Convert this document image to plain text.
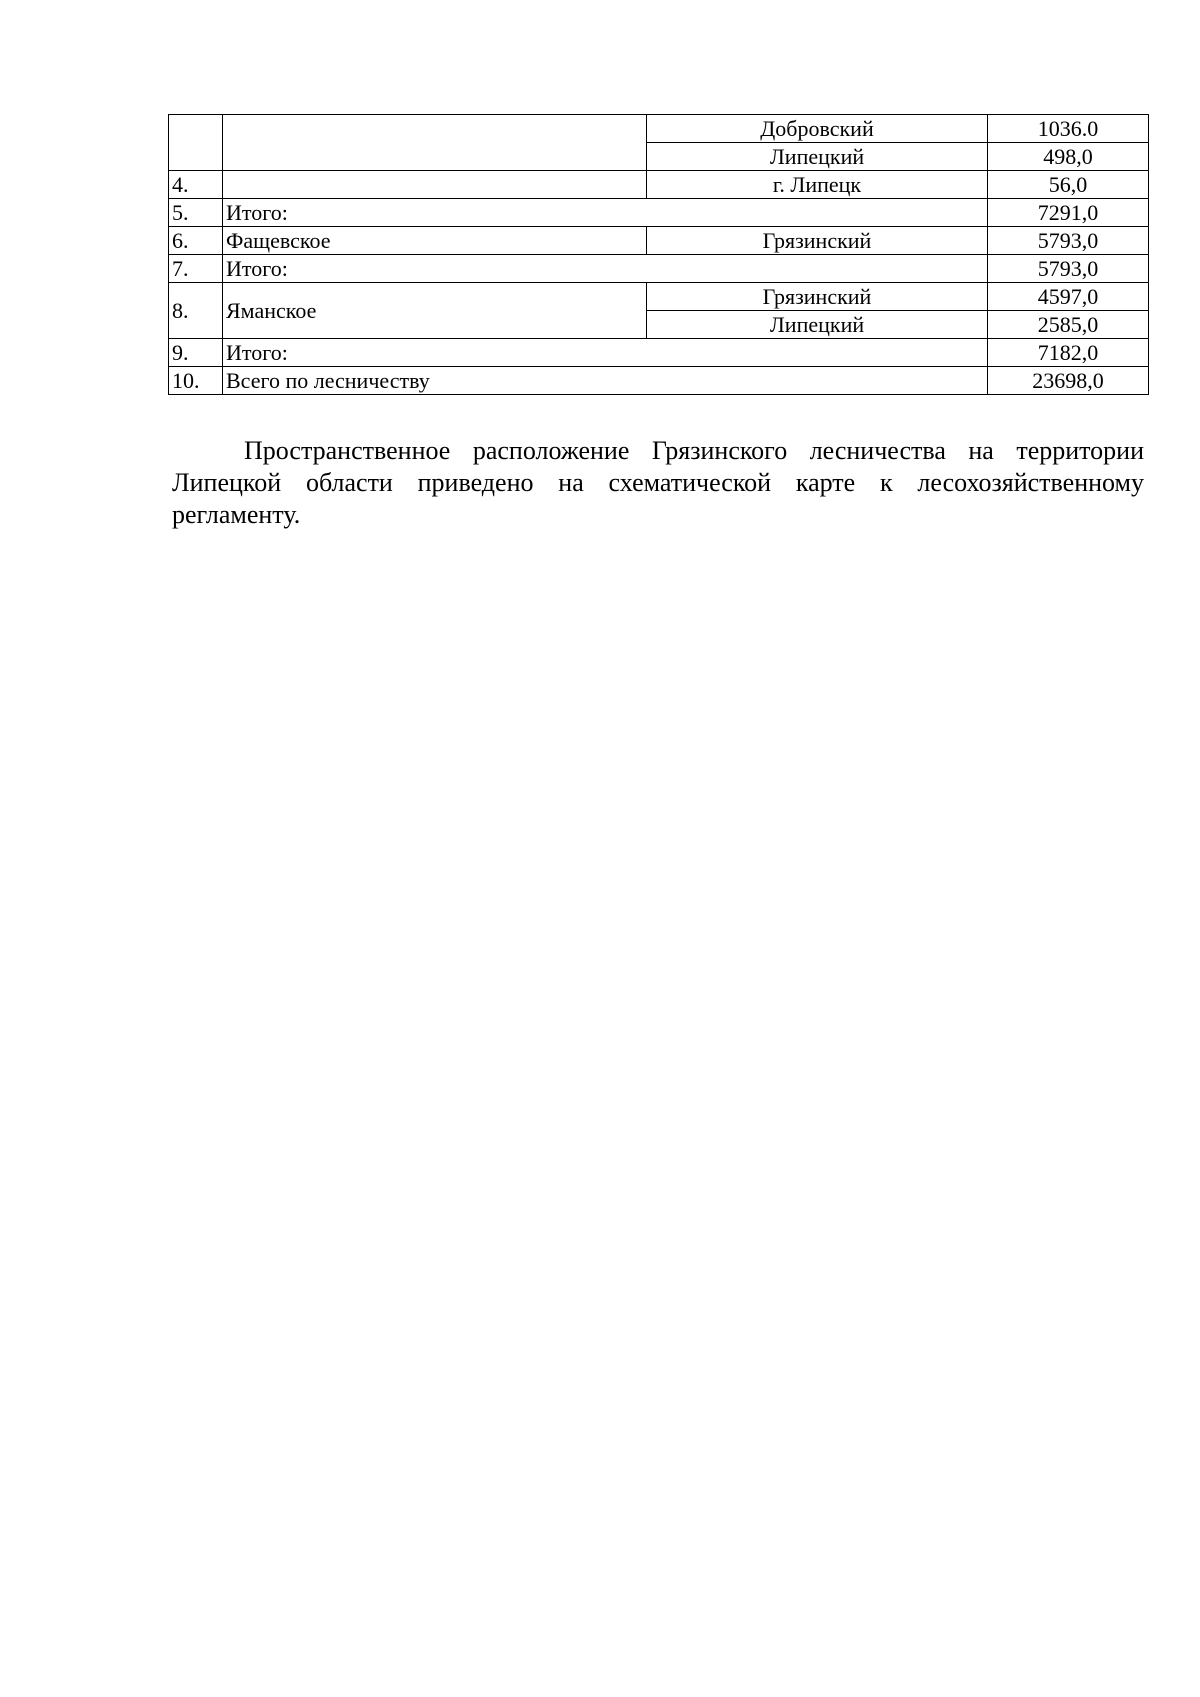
		Добровский	1036.0
		Липецкий	498,0
4.		г. Липецк	56,0
5.	Итого:		7291,0
6.	Фащевское	Грязинский	5793,0
7.	Итого:		5793,0
8.	Яманское	Грязинский	4597,0
		Липецкий	2585,0
9.	Итого:		7182,0
10.	Всего по лесничеству		23698,0

Пространственное расположение Грязинского лесничества на территории Липецкой области приведено на схематической карте к лесохозяйственному регламенту.
